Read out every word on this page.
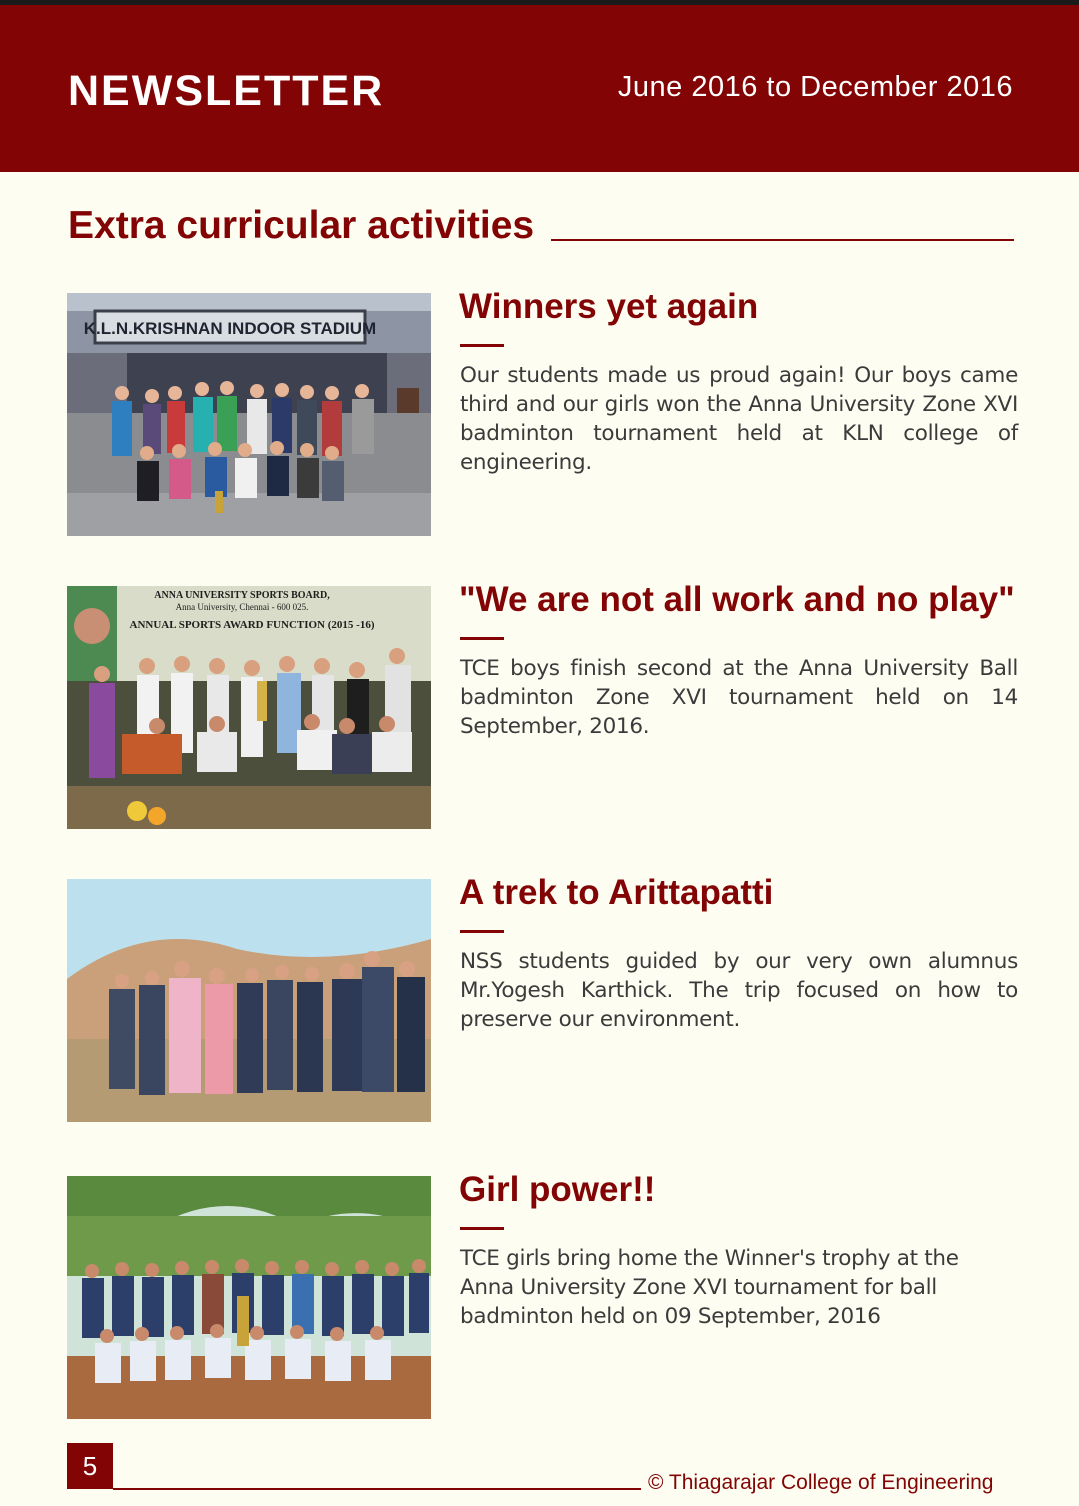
NEWSLETTER	June 2016 to December 2016
Extra curricular activities
K.L.N.KRISHNAN INDOOR STADIUM
Winners yet again
Our students made us proud again! Our boys came third and our girls won the Anna University Zone XVI badminton tournament held at KLN college of engineering.
ANNA UNIVERSITY SPORTS BOARD,
Anna University, Chennai - 600 025.
ANNUAL SPORTS AWARD FUNCTION (2015 -16)
"We are not all work and no play"
TCE boys finish second at the Anna University Ball badminton Zone XVI tournament held on 14 September, 2016.
A trek to Arittapatti
NSS students guided by our very own alumnus Mr.Yogesh Karthick. The trip focused on how to preserve our environment.
Girl power!!
TCE girls bring home the Winner's trophy at the Anna University Zone XVI tournament for ball badminton held on 09 September, 2016
5
© Thiagarajar College of Engineering
